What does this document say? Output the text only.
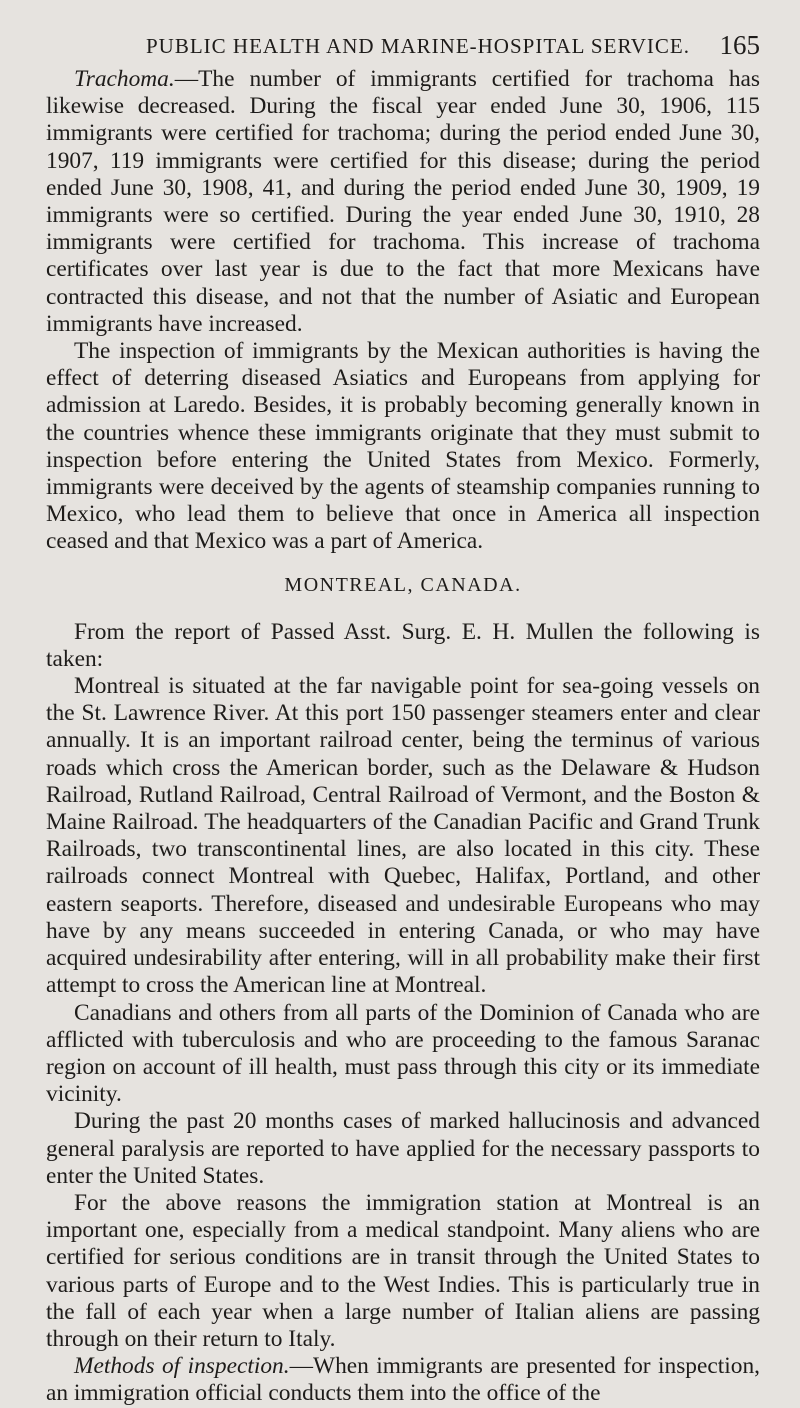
PUBLIC HEALTH AND MARINE-HOSPITAL SERVICE. 165

Trachoma.—The number of immigrants certified for trachoma has likewise decreased. During the fiscal year ended June 30, 1906, 115 immigrants were certified for trachoma; during the period ended June 30, 1907, 119 immigrants were certified for this disease; during the period ended June 30, 1908, 41, and during the period ended June 30, 1909, 19 immigrants were so certified. During the year ended June 30, 1910, 28 immigrants were certified for trachoma. This increase of trachoma certificates over last year is due to the fact that more Mexicans have contracted this disease, and not that the number of Asiatic and European immigrants have increased.

The inspection of immigrants by the Mexican authorities is having the effect of deterring diseased Asiatics and Europeans from applying for admission at Laredo. Besides, it is probably becoming generally known in the countries whence these immigrants originate that they must submit to inspection before entering the United States from Mexico. Formerly, immigrants were deceived by the agents of steamship companies running to Mexico, who lead them to believe that once in America all inspection ceased and that Mexico was a part of America.

MONTREAL, CANADA.

From the report of Passed Asst. Surg. E. H. Mullen the following is taken:

Montreal is situated at the far navigable point for sea-going vessels on the St. Lawrence River. At this port 150 passenger steamers enter and clear annually. It is an important railroad center, being the terminus of various roads which cross the American border, such as the Delaware & Hudson Railroad, Rutland Railroad, Central Railroad of Vermont, and the Boston & Maine Railroad. The headquarters of the Canadian Pacific and Grand Trunk Railroads, two transcontinental lines, are also located in this city. These railroads connect Montreal with Quebec, Halifax, Portland, and other eastern seaports. Therefore, diseased and undesirable Europeans who may have by any means succeeded in entering Canada, or who may have acquired undesirability after entering, will in all probability make their first attempt to cross the American line at Montreal.

Canadians and others from all parts of the Dominion of Canada who are afflicted with tuberculosis and who are proceeding to the famous Saranac region on account of ill health, must pass through this city or its immediate vicinity.

During the past 20 months cases of marked hallucinosis and advanced general paralysis are reported to have applied for the necessary passports to enter the United States.

For the above reasons the immigration station at Montreal is an important one, especially from a medical standpoint. Many aliens who are certified for serious conditions are in transit through the United States to various parts of Europe and to the West Indies. This is particularly true in the fall of each year when a large number of Italian aliens are passing through on their return to Italy.

Methods of inspection.—When immigrants are presented for inspection, an immigration official conducts them into the office of the
